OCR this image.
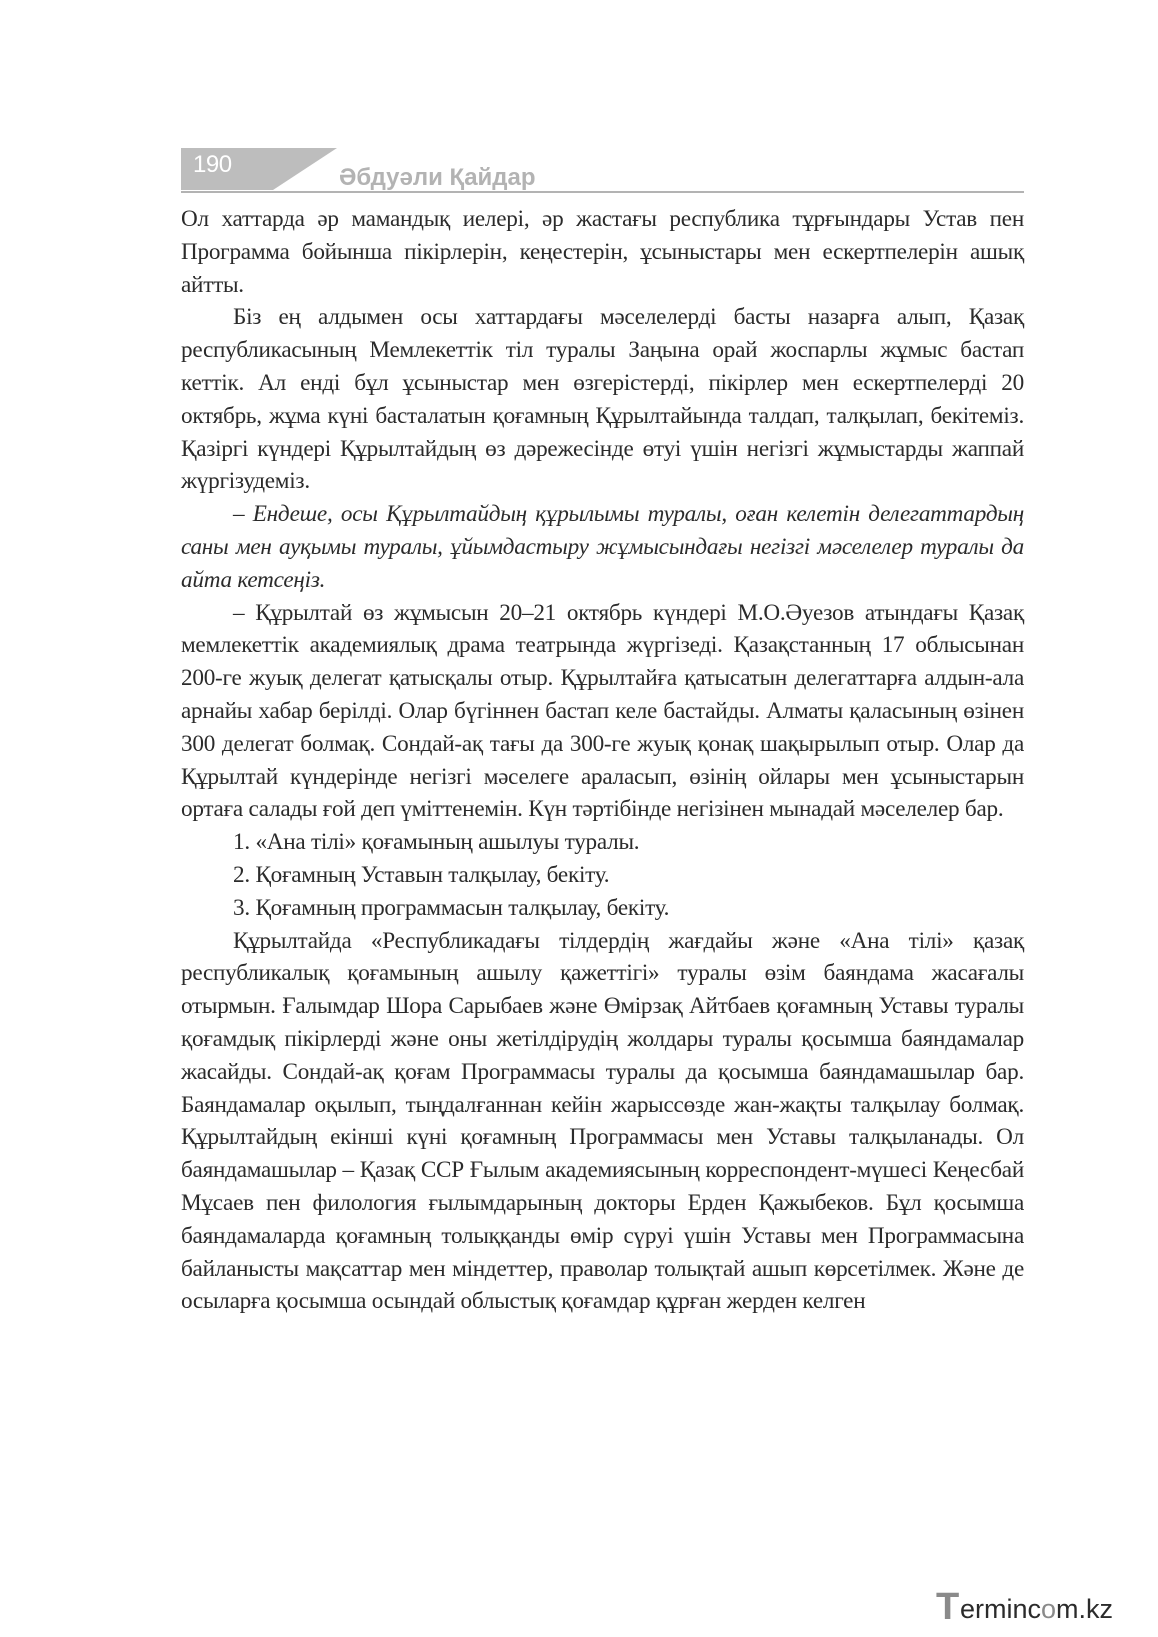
190	Әбдуәли Қайдар

Ол хаттарда әр мамандық иелері, әр жастағы республика тұрғындары Устав пен Программа бойынша пікірлерін, кеңестерін, ұсыныстары мен ескертпелерін ашық айтты.

Біз ең алдымен осы хаттардағы мәселелерді басты назарға алып, Қазақ республикасының Мемлекеттік тіл туралы Заңына орай жоспарлы жұмыс бастап кеттік. Ал енді бұл ұсыныстар мен өзгерістерді, пікірлер мен ескертпелерді 20 октябрь, жұма күні басталатын қоғамның Құрылтайында талдап, талқылап, бекітеміз. Қазіргі күндері Құрылтайдың өз дәрежесінде өтуі үшін негізгі жұмыстарды жаппай жүргізудеміз.

– Ендеше, осы Құрылтайдың құрылымы туралы, оған келетін делегаттардың саны мен ауқымы туралы, ұйымдастыру жұмысындағы негізгі мәселелер туралы да айта кетсеңіз.

– Құрылтай өз жұмысын 20–21 октябрь күндері М.О.Әуезов атындағы Қазақ мемлекеттік академиялық драма театрында жүргізеді. Қазақстанның 17 облысынан 200-ге жуық делегат қатысқалы отыр. Құрылтайға қатысатын делегаттарға алдын-ала арнайы хабар берілді. Олар бүгіннен бастап келе бастайды. Алматы қаласының өзінен 300 делегат болмақ. Сондай-ақ тағы да 300-ге жуық қонақ шақырылып отыр. Олар да Құрылтай күндерінде негізгі мәселеге араласып, өзінің ойлары мен ұсыныстарын ортаға салады ғой деп үміттенемін. Күн тәртібінде негізінен мынадай мәселелер бар.

1. «Ана тілі» қоғамының ашылуы туралы.

2. Қоғамның Уставын талқылау, бекіту.

3. Қоғамның программасын талқылау, бекіту.

Құрылтайда «Республикадағы тілдердің жағдайы және «Ана тілі» қазақ республикалық қоғамының ашылу қажеттігі» туралы өзім баяндама жасағалы отырмын. Ғалымдар Шора Сарыбаев және Өмірзақ Айтбаев қоғамның Уставы туралы қоғамдық пікірлерді және оны жетілдірудің жолдары туралы қосымша баяндамалар жасайды. Сондай-ақ қоғам Программасы туралы да қосымша баяндамашылар бар. Баяндамалар оқылып, тыңдалғаннан кейін жарыссөзде жан-жақты талқылау болмақ. Құрылтайдың екінші күні қоғамның Программасы мен Уставы талқыланады. Ол баяндамашылар – Қазақ ССР Ғылым академиясының корреспондент-мүшесі Кеңесбай Мұсаев пен филология ғылымдарының докторы Ерден Қажыбеков. Бұл қосымша баяндамаларда қоғамның толыққанды өмір сүруі үшін Уставы мен Программасына байланысты мақсаттар мен міндеттер, праволар толықтай ашып көрсетілмек. Және де осыларға қосымша осындай облыстық қоғамдар құрған жерден келген

T ermincom.kz
